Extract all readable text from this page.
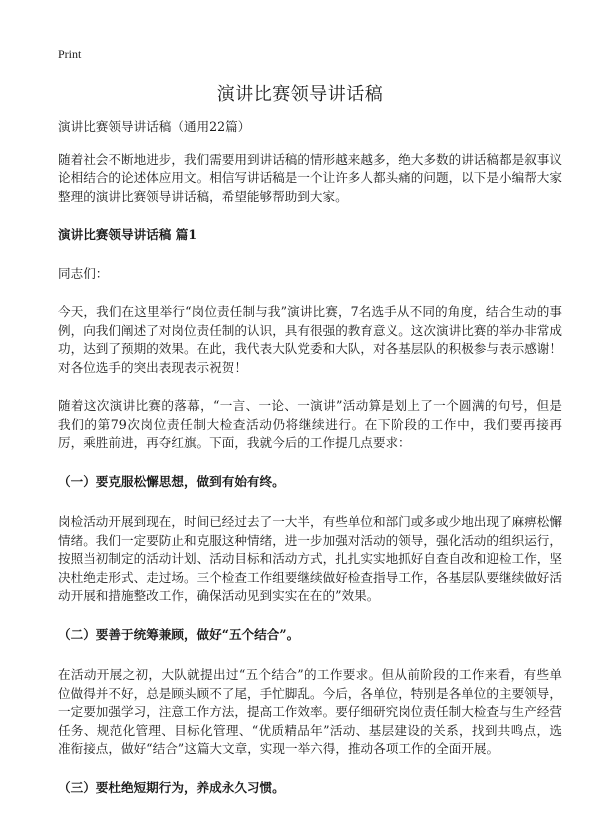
Print
演讲比赛领导讲话稿

演讲比赛领导讲话稿（通用22篇）

随着社会不断地进步，我们需要用到讲话稿的情形越来越多，绝大多数的讲话稿都是叙事议论相结合的论述体应用文。相信写讲话稿是一个让许多人都头痛的问题，以下是小编帮大家整理的演讲比赛领导讲话稿，希望能够帮助到大家。

演讲比赛领导讲话稿 篇1

同志们：

今天，我们在这里举行“岗位责任制与我”演讲比赛，7名选手从不同的角度，结合生动的事例，向我们阐述了对岗位责任制的认识，具有很强的教育意义。这次演讲比赛的举办非常成功，达到了预期的效果。在此，我代表大队党委和大队，对各基层队的积极参与表示感谢！对各位选手的突出表现表示祝贺！

随着这次演讲比赛的落幕，“一言、一论、一演讲”活动算是划上了一个圆满的句号，但是我们的第79次岗位责任制大检查活动仍将继续进行。在下阶段的工作中，我们要再接再厉，乘胜前进，再夺红旗。下面，我就今后的工作提几点要求：

（一）要克服松懈思想，做到有始有终。

岗检活动开展到现在，时间已经过去了一大半，有些单位和部门或多或少地出现了麻痹松懈情绪。我们一定要防止和克服这种情绪，进一步加强对活动的领导，强化活动的组织运行，按照当初制定的活动计划、活动目标和活动方式，扎扎实实地抓好自查自改和迎检工作，坚决杜绝走形式、走过场。三个检查工作组要继续做好检查指导工作，各基层队要继续做好活动开展和措施整改工作，确保活动见到实实在在的”效果。

（二）要善于统筹兼顾，做好“五个结合”。

在活动开展之初，大队就提出过“五个结合”的工作要求。但从前阶段的工作来看，有些单位做得并不好，总是顾头顾不了尾，手忙脚乱。今后，各单位，特别是各单位的主要领导，一定要加强学习，注意工作方法，提高工作效率。要仔细研究岗位责任制大检查与生产经营任务、规范化管理、目标化管理、“优质精品年”活动、基层建设的关系，找到共鸣点，选准衔接点，做好“结合”这篇大文章，实现一举六得，推动各项工作的全面开展。

（三）要杜绝短期行为，养成永久习惯。
